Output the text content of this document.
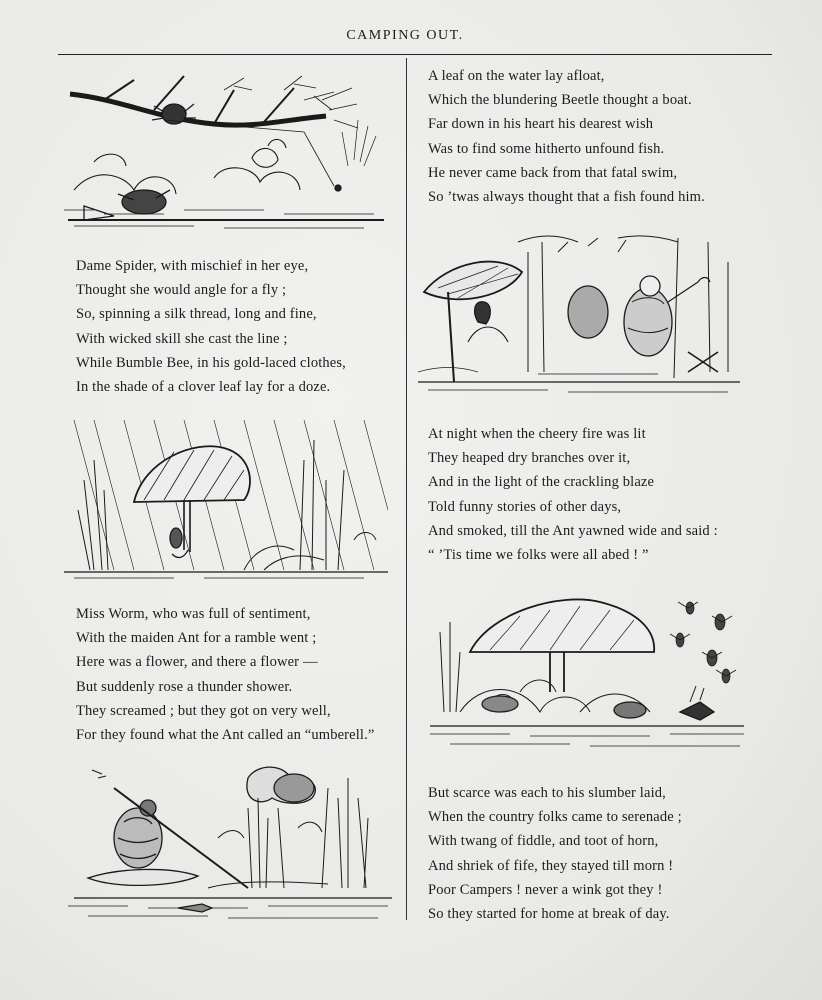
CAMPING OUT.
Dame Spider, with mischief in her eye,
Thought she would angle for a fly ;
So, spinning a silk thread, long and fine,
With wicked skill she cast the line ;
While Bumble Bee, in his gold-laced clothes,
In the shade of a clover leaf lay for a doze.
Miss Worm, who was full of sentiment,
With the maiden Ant for a ramble went ;
Here was a flower, and there a flower —
But suddenly rose a thunder shower.
They screamed ; but they got on very well,
For they found what the Ant called an “umberell.”
A leaf on the water lay afloat,
Which the blundering Beetle thought a boat.
Far down in his heart his dearest wish
Was to find some hitherto unfound fish.
He never came back from that fatal swim,
So ’twas always thought that a fish found him.
At night when the cheery fire was lit
They heaped dry branches over it,
And in the light of the crackling blaze
Told funny stories of other days,
And smoked, till the Ant yawned wide and said :
“ ’Tis time we folks were all abed ! ”
But scarce was each to his slumber laid,
When the country folks came to serenade ;
With twang of fiddle, and toot of horn,
And shriek of fife, they stayed till morn !
Poor Campers ! never a wink got they !
So they started for home at break of day.
